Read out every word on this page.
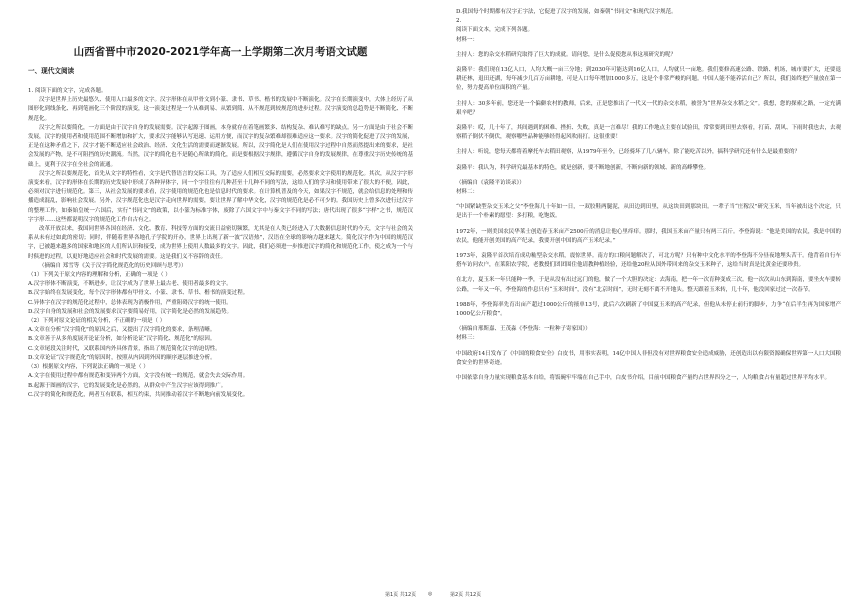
山西省晋中市2020-2021学年高一上学期第二次月考语文试题
一、现代文阅读

1. 阅读下面的文字，完成各题。

汉字是世界上历史最悠久、使用人口最多的文字。汉字形体在从甲骨文到小篆、隶书、草书、楷书的发展中不断演化。汉字在长期演变中，大体上经历了从图形化到线条化、再到笔画化三个阶段的演变，这一演变过程是一个从难到易、从繁到简、从不规范到较规范的进步过程。汉字演变的总趋势是不断简化、不断规范化。

汉字之所以要简化，一方面是由于汉字自身的发展需要。汉字起源于图画，本身就存在着笔画繁多、结构复杂、难认难写的缺点。另一方面是由于社会不断发展，汉字的使用者和使用范围不断增加和扩大，要求汉字能够认写迅速、运用方便，而汉字的复杂繁难却很难适应这一要求。汉字的简化促进了汉字的发展，正是在这种矛盾之下，汉字才能不断适应社会政治、经济、文化生活的需要而逐渐发展。所以，汉字简化是人们在使用汉字过程中自然而然提出来的要求，是社会发展的产物，是不可阻挡的历史潮流。当然，汉字的简化也不是随心所欲的简化，而是要根据汉字规律，遵循汉字自身的发展规律，在尊重汉字历史传统的基础上，更利于汉字在全社会的流通。

汉字之所以要规范化，首先从文字的特性看，文字是代替语言的交际工具，为了适应人们相互交际的需要，必然要求文字使用的规范化。其次，从汉字字形演变来看，汉字的形体在长期的历史发展中形成了各种异体字，同一个字往往有几种甚至十几种不同的写法，这给人们的学习和使用带来了很大的不便，因此，必须对汉字进行规范化。第三，从社会发展的要求看，汉字使用的规范化也是信息时代的要求。在计算机普及的今天，如果汉字不规范，就会给信息的处理和传播造成混乱，影响社会发展。另外，汉字规范化也是汉字走向世界的需要，要让世界了解中华文化，汉字的规范化是必不可少的。我国历史上曾多次进行过汉字的整理工作，如秦始皇统一六国后，实行“书同文”的政策，以小篆为标准字体，废除了六国文字中与秦文字不同的写法；唐代出现了很多“字样”之书，规范汉字字形……这些都说明汉字的规范化工作自古有之。

改革开放以来，我国同世界各国在经济、文化、教育、科技等方面的交流日益密切频繁，尤其是在人类已经进入了大数据信息时代的今天，文字与社会的关系从未有过如此的密切；同时，伴随着世界各地孔子学院的开办，世界上出现了新一波“汉语热”，汉语在全球的影响力越来越大。简化汉字作为中国的规范汉字，已被越来越多的国家和地区的人们所认识和接受，成为世界上使用人数最多的文字。因此，我们必须进一步推进汉字的简化和规范化工作，使之成为一个与时俱进的过程，以更好地适应社会和时代发展的需要。这是我们义不容辞的责任。

（摘编自 郑雪等《关于汉字简化规范化的历史回顾与思考》）

（1）下列关于原文内容的理解和分析，正确的一项是（ ）

A.汉字形体不断演变，不断进步，让汉字成为了世界上最古老、使用者最多的文字。

B.汉字始终在发展变化，每个汉字形体都有甲骨文、小篆、隶书、草书、楷书的演变过程。

C.异体字在汉字的规范化过程中，总体表现为消极作用，严重阻碍汉字的统一使用。

D.汉字自身的发展和社会的发展要求汉字要简易好用，汉字简化是必然的发展趋势。

（2）下列对原文论证的相关分析，不正确的一项是（ ）

A.文章在分析“汉字简化”的原因之后，又提出了汉字简化的要求，条理清晰。

B.文章善于从多角度展开论证分析，如分析论证“汉字简化、规范化”的原因。

C.文章尾段关注时代，又联系国内外具体背景，指出了规范简化汉字的迫切性。

D.文章论证“汉字规范化”的原因时，按照从内因到外因的顺序逐层推进分析。

（3）根据原文内容，下列说法正确的一项是（ ）

A.文字在使用过程中都有规范和变异两个方面，文字没有统一的规范，就会失去交际作用。

B.起源于图画的汉字，它的发展变化是必然的，从群众中产生汉字应该得到推广。

C.汉字的简化和规范化，两者互有联系，相互约束，共同推动着汉字不断地向前发展变化。

D.我国每个时期都有汉字正字法，它促进了汉字的发展，如秦朝“书同文”和现代汉字规范。

2.

阅读下面文本，完成下列各题。

材料一：

主持人：您的杂交水稻研究取得了巨大的成就。请问您，是什么促使您从事这项研究的呢？

袁隆平：我们现在13亿人口，人均大概一亩三分地；到2030年可能达到16亿人口，人均就只一亩地。我们要修高速公路、铁路、机场，城市要扩大，还要退耕还林，退田还湖，每年减少几百万亩耕地，可是人口每年增加1000多万，这是个非常严峻的问题。中国人能不能养活自己？所以，我们始终把产量放在第一位，努力提高单位面积的产量。

主持人：30多年前，您还是一个偏僻农村的教师，后来，正是您推出了一代又一代的杂交水稻，被誉为“世界杂交水稻之父”。我想，您的探索之路，一定充满艰辛吧？

袁隆平：哎，几十年了，其间遇到的困难、挫折、失败，真是一言难尽！我的工作地点主要在试验田，常常要到田里去察看，打苗、刮风、下雨时我也去，去观察稻子倒伏不倒伏，观察哪些品种能够经得起风吹雨打。这很重要！

主持人：听说，您每天都将着摩托车去稻田观察，从1979年至今，已经骑坏了几八辆车，除了能吃苦以外，搞科学研究还有什么是最重要的？

袁隆平：我认为，科学研究最基本的特色，就是创新，要不断地创新，不断向新的领域、新的高峰攀登。

（摘编自《袁隆平访谈录》）

材料二：

“中国紧缺型杂交玉米之父”李登海几十年如一日，一双胶鞋两腿泥，从田边到田里，从这块田到那块田。一辈子当“庄稼汉”研究玉米，当年被出这个决定，只是出于一个朴素的愿望：多打粮，吃饱饭。

1972年，一则美国农民华莱士创造春玉米亩产2500斤的消息让他心里痒痒。那时，我国玉米亩产量只有两三百斤。李登海说：“他是美国的农民，我是中国的农民，他能开创美国的高产纪录，我要开创中国的高产玉米纪录。”

1973年，袁隆平首次培育成功籼型杂交水稻，震惊世界。南方的口粮问题解决了，可北方呢？只有种中文化水平的李登海不分昼夜地埋头苦干。他背着自行车搭车访问农户，在莱阳农学院，老教授们团团围住他请教种植经验，还给他20粒从国外带回来的杂交玉米种子，这给当时真是比黄金还要珍贵。

在北方，夏玉米一年只能种一季，于是从没有出过远门的他，做了一个大胆的决定：去海南，把一年一次育种变成三次。他一次次从山东到海南，要坐火车要转公路，一年又一年，李登海的作息只有“玉米时间”，没有“北京时间”，无时无刻不离不开地头。整天跟着玉米转，几十年，他没回家过过一次春节。

1988年，李登海率先育出亩产超过1000公斤的掖单13号，此后六次刷新了中国夏玉米的高产纪录，但他从未停止前行的脚步，力争“在后半生再为国家增产1000亿公斤粮食”。

（摘编自邢斯嘉、王茂淼《李登海：一粒种子寄家国》）

材料三：

中国政府14日发布了《中国的粮食安全》白皮书，用事实表明，14亿中国人非但没有对世界粮食安全造成威胁，还创造出以有限资源确保世界第一人口大国粮食安全的世界奇迹。

中国依靠自身力量实现粮食基本自给，将饭碗牢牢端在自己手中，白皮书介绍，目前中国粮食产量约占世界四分之一，人均粮食占有量超过世界平均水平。

第1页 共12页 ◎	第2页 共12页
